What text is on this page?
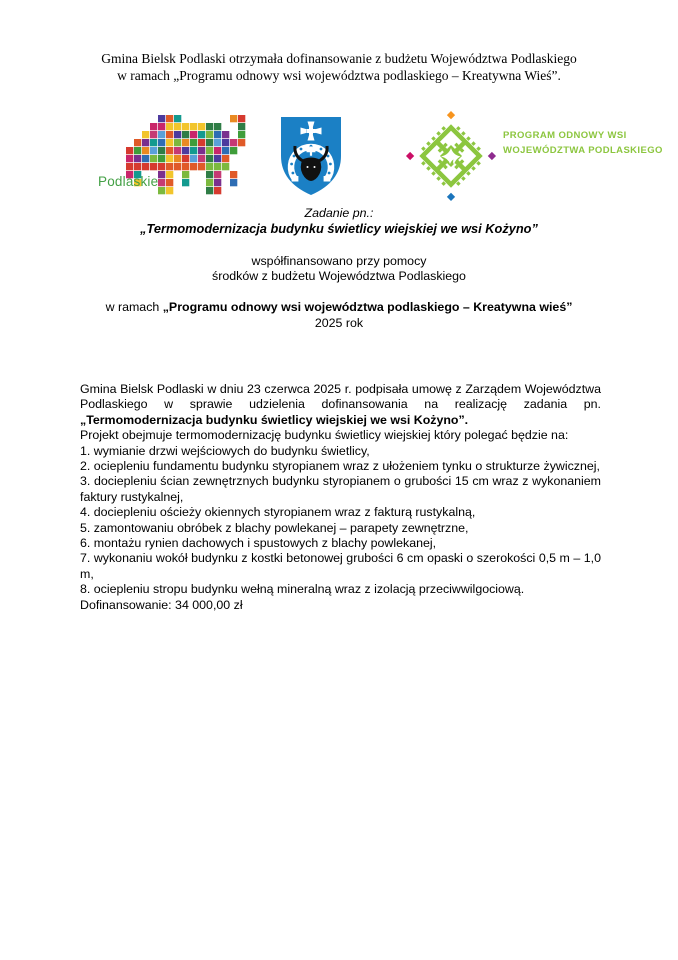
Gmina Bielsk Podlaski otrzymała dofinansowanie z budżetu Województwa Podlaskiego
w ramach „Programu odnowy wsi województwa podlaskiego – Kreatywna Wieś”.
Podlaskie
PROGRAM ODNOWY WSI
WOJEWÓDZTWA PODLASKIEGO
Zadanie pn.:
„Termomodernizacja budynku świetlicy wiejskiej we wsi Kożyno”
współfinansowano przy pomocy
środków z budżetu Województwa Podlaskiego
w ramach „Programu odnowy wsi województwa podlaskiego – Kreatywna wieś”
2025 rok

Gmina Bielsk Podlaski w dniu 23 czerwca 2025 r. podpisała umowę z Zarządem Województwa Podlaskiego w sprawie udzielenia dofinansowania na realizację zadania pn. „Termomodernizacja budynku świetlicy wiejskiej we wsi Kożyno”.

Projekt obejmuje termomodernizację budynku świetlicy wiejskiej który polegać będzie na:

1. wymianie drzwi wejściowych do budynku świetlicy,

2. ociepleniu fundamentu budynku styropianem wraz z ułożeniem tynku o strukturze żywicznej,

3. dociepleniu ścian zewnętrznych budynku styropianem o grubości 15 cm wraz z wykonaniem faktury rustykalnej,

4. dociepleniu ościeży okiennych styropianem wraz z fakturą rustykalną,

5. zamontowaniu obróbek z blachy powlekanej – parapety zewnętrzne,

6. montażu rynien dachowych i spustowych z blachy powlekanej,

7. wykonaniu wokół budynku z kostki betonowej grubości 6 cm opaski o szerokości 0,5 m – 1,0 m,

8. ociepleniu stropu budynku wełną mineralną wraz z izolacją przeciwwilgociową.

Dofinansowanie: 34 000,00 zł
